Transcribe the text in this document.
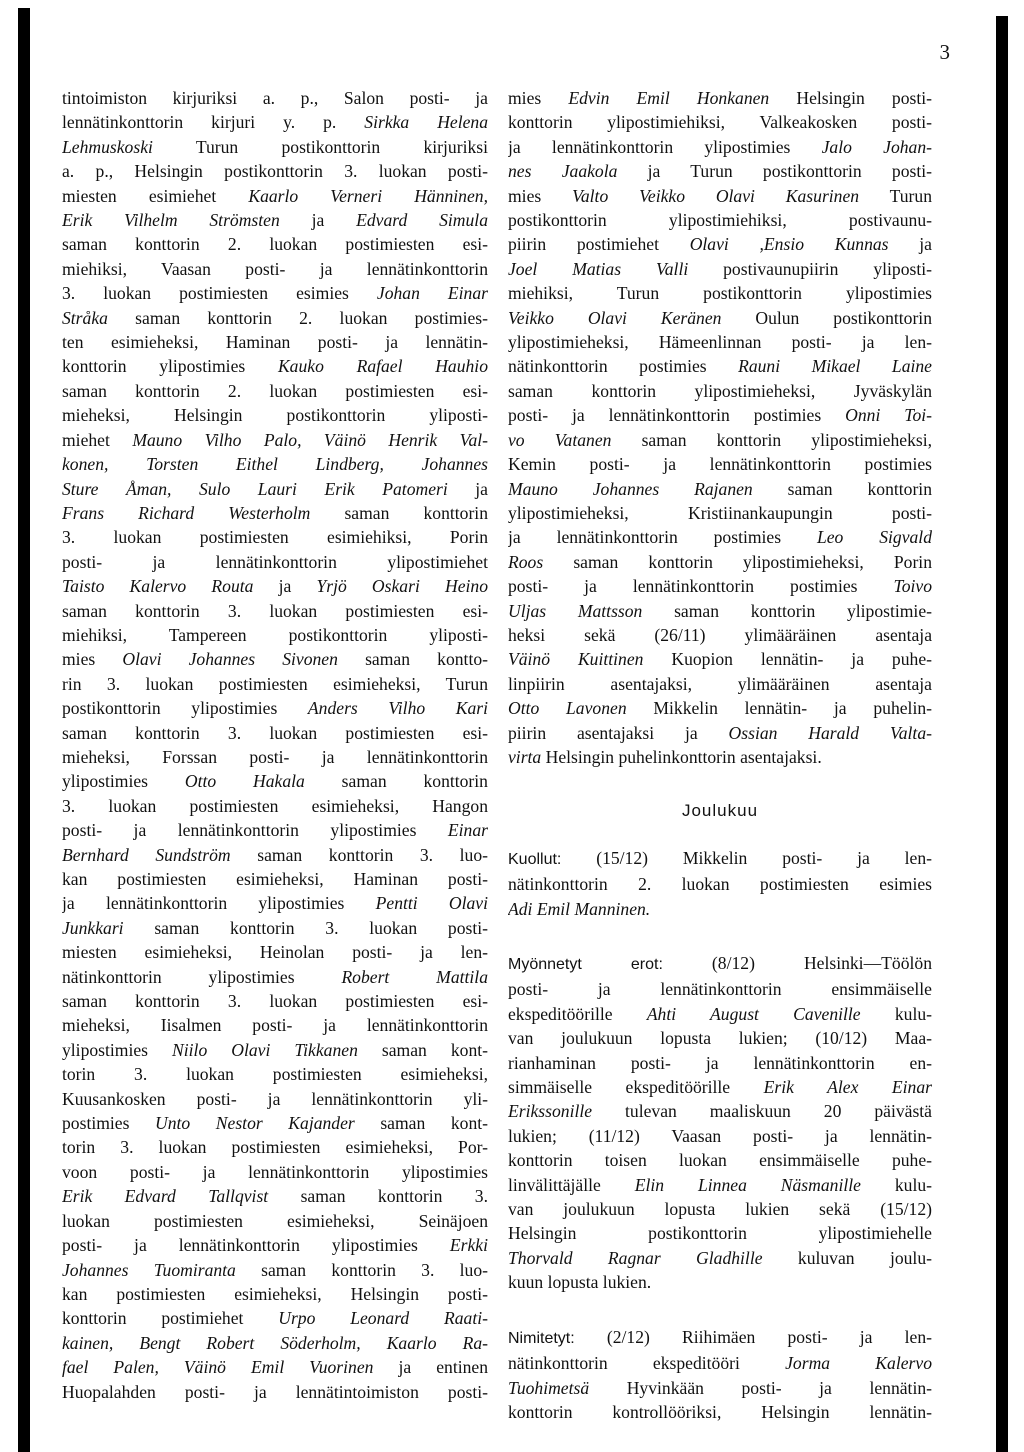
3
tintoimiston kirjuriksi a. p., Salon posti- ja
lennätinkonttorin kirjuri y. p. Sirkka Helena
Lehmuskoski Turun postikonttorin kirjuriksi
a. p., Helsingin postikonttorin 3. luokan posti-
miesten esimiehet Kaarlo Verneri Hänninen,
Erik Vilhelm Strömsten ja Edvard Simula
saman konttorin 2. luokan postimiesten esi-
miehiksi, Vaasan posti- ja lennätinkonttorin
3. luokan postimiesten esimies Johan Einar
Stråka saman konttorin 2. luokan postimies-
ten esimieheksi, Haminan posti- ja lennätin-
konttorin ylipostimies Kauko Rafael Hauhio
saman konttorin 2. luokan postimiesten esi-
mieheksi, Helsingin postikonttorin yliposti-
miehet Mauno Vilho Palo, Väinö Henrik Val-
konen, Torsten Eithel Lindberg, Johannes
Sture Åman, Sulo Lauri Erik Patomeri ja
Frans Richard Westerholm saman konttorin
3. luokan postimiesten esimiehiksi, Porin
posti- ja lennätinkonttorin ylipostimiehet
Taisto Kalervo Routa ja Yrjö Oskari Heino
saman konttorin 3. luokan postimiesten esi-
miehiksi, Tampereen postikonttorin yliposti-
mies Olavi Johannes Sivonen saman kontto-
rin 3. luokan postimiesten esimieheksi, Turun
postikonttorin ylipostimies Anders Vilho Kari
saman konttorin 3. luokan postimiesten esi-
mieheksi, Forssan posti- ja lennätinkonttorin
ylipostimies Otto Hakala saman konttorin
3. luokan postimiesten esimieheksi, Hangon
posti- ja lennätinkonttorin ylipostimies Einar
Bernhard Sundström saman konttorin 3. luo-
kan postimiesten esimieheksi, Haminan posti-
ja lennätinkonttorin ylipostimies Pentti Olavi
Junkkari saman konttorin 3. luokan posti-
miesten esimieheksi, Heinolan posti- ja len-
nätinkonttorin ylipostimies Robert Mattila
saman konttorin 3. luokan postimiesten esi-
mieheksi, Iisalmen posti- ja lennätinkonttorin
ylipostimies Niilo Olavi Tikkanen saman kont-
torin 3. luokan postimiesten esimieheksi,
Kuusankosken posti- ja lennätinkonttorin yli-
postimies Unto Nestor Kajander saman kont-
torin 3. luokan postimiesten esimieheksi, Por-
voon posti- ja lennätinkonttorin ylipostimies
Erik Edvard Tallqvist saman konttorin 3.
luokan postimiesten esimieheksi, Seinäjoen
posti- ja lennätinkonttorin ylipostimies Erkki
Johannes Tuomiranta saman konttorin 3. luo-
kan postimiesten esimieheksi, Helsingin posti-
konttorin postimiehet Urpo Leonard Raati-
kainen, Bengt Robert Söderholm, Kaarlo Ra-
fael Palen, Väinö Emil Vuorinen ja entinen
Huopalahden posti- ja lennätintoimiston posti-
mies Edvin Emil Honkanen Helsingin posti-
konttorin ylipostimiehiksi, Valkeakosken posti-
ja lennätinkonttorin ylipostimies Jalo Johan-
nes Jaakola ja Turun postikonttorin posti-
mies Valto Veikko Olavi Kasurinen Turun
postikonttorin ylipostimiehiksi, postivaunu-
piirin postimiehet Olavi ,Ensio Kunnas ja
Joel Matias Valli postivaunupiirin yliposti-
miehiksi, Turun postikonttorin ylipostimies
Veikko Olavi Keränen Oulun postikonttorin
ylipostimieheksi, Hämeenlinnan posti- ja len-
nätinkonttorin postimies Rauni Mikael Laine
saman konttorin ylipostimieheksi, Jyväskylän
posti- ja lennätinkonttorin postimies Onni Toi-
vo Vatanen saman konttorin ylipostimieheksi,
Kemin posti- ja lennätinkonttorin postimies
Mauno Johannes Rajanen saman konttorin
ylipostimieheksi, Kristiinankaupungin posti-
ja lennätinkonttorin postimies Leo Sigvald
Roos saman konttorin ylipostimieheksi, Porin
posti- ja lennätinkonttorin postimies Toivo
Uljas Mattsson saman konttorin ylipostimie-
heksi sekä (26/11) ylimääräinen asentaja
Väinö Kuittinen Kuopion lennätin- ja puhe-
linpiirin asentajaksi, ylimääräinen asentaja
Otto Lavonen Mikkelin lennätin- ja puhelin-
piirin asentajaksi ja Ossian Harald Valta-
virta Helsingin puhelinkonttorin asentajaksi.
Joulukuu
Kuollut: (15/12) Mikkelin posti- ja len-
nätinkonttorin 2. luokan postimiesten esimies
Adi Emil Manninen.
Myönnetyt erot: (8/12) Helsinki—Töölön
posti- ja lennätinkonttorin ensimmäiselle
ekspeditöörille Ahti August Cavenille kulu-
van joulukuun lopusta lukien; (10/12) Maa-
rianhaminan posti- ja lennätinkonttorin en-
simmäiselle ekspeditöörille Erik Alex Einar
Erikssonille tulevan maaliskuun 20 päivästä
lukien; (11/12) Vaasan posti- ja lennätin-
konttorin toisen luokan ensimmäiselle puhe-
linvälittäjälle Elin Linnea Näsmanille kulu-
van joulukuun lopusta lukien sekä (15/12)
Helsingin postikonttorin ylipostimiehelle
Thorvald Ragnar Gladhille kuluvan joulu-
kuun lopusta lukien.
Nimitetyt: (2/12) Riihimäen posti- ja len-
nätinkonttorin ekspeditööri Jorma Kalervo
Tuohimetsä Hyvinkään posti- ja lennätin-
konttorin kontrollööriksi, Helsingin lennätin-
